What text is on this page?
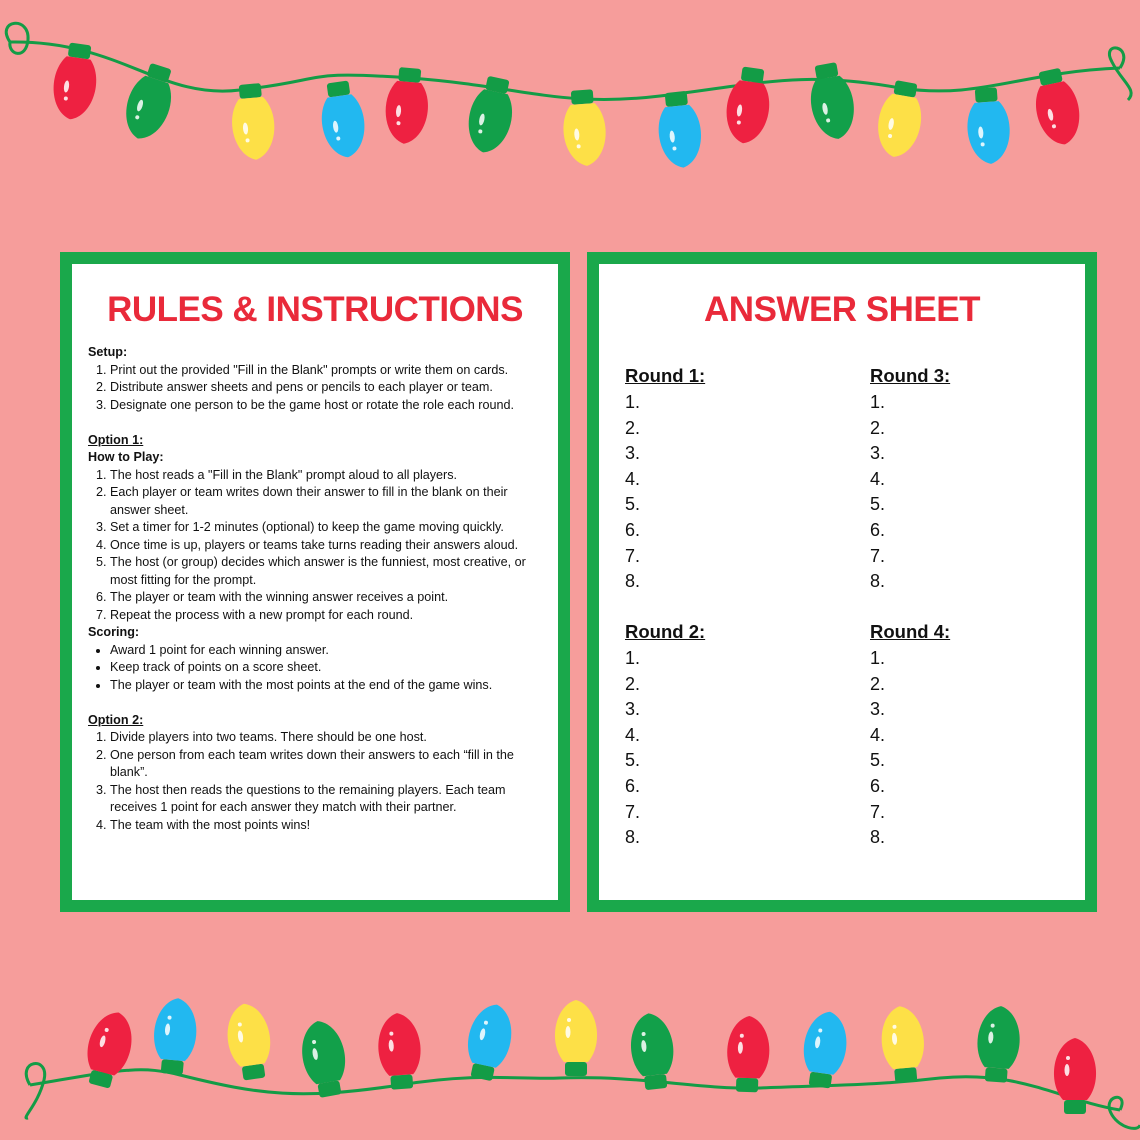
RULES & INSTRUCTIONS
Setup:
1. Print out the provided "Fill in the Blank" prompts or write them on cards.
2. Distribute answer sheets and pens or pencils to each player or team.
3. Designate one person to be the game host or rotate the role each round.
Option 1:
How to Play:
1. The host reads a "Fill in the Blank" prompt aloud to all players.
2. Each player or team writes down their answer to fill in the blank on their answer sheet.
3. Set a timer for 1-2 minutes (optional) to keep the game moving quickly.
4. Once time is up, players or teams take turns reading their answers aloud.
5. The host (or group) decides which answer is the funniest, most creative, or most fitting for the prompt.
6. The player or team with the winning answer receives a point.
7. Repeat the process with a new prompt for each round.
Scoring:
• Award 1 point for each winning answer.
• Keep track of points on a score sheet.
• The player or team with the most points at the end of the game wins.
Option 2:
1. Divide players into two teams. There should be one host.
2. One person from each team writes down their answers to each “fill in the blank”.
3. The host then reads the questions to the remaining players. Each team receives 1 point for each answer they match with their partner.
4. The team with the most points wins!
ANSWER SHEET
Round 1:
1.
2.
3.
4.
5.
6.
7.
8.
Round 3:
1.
2.
3.
4.
5.
6.
7.
8.
Round 2:
1.
2.
3.
4.
5.
6.
7.
8.
Round 4:
1.
2.
3.
4.
5.
6.
7.
8.
